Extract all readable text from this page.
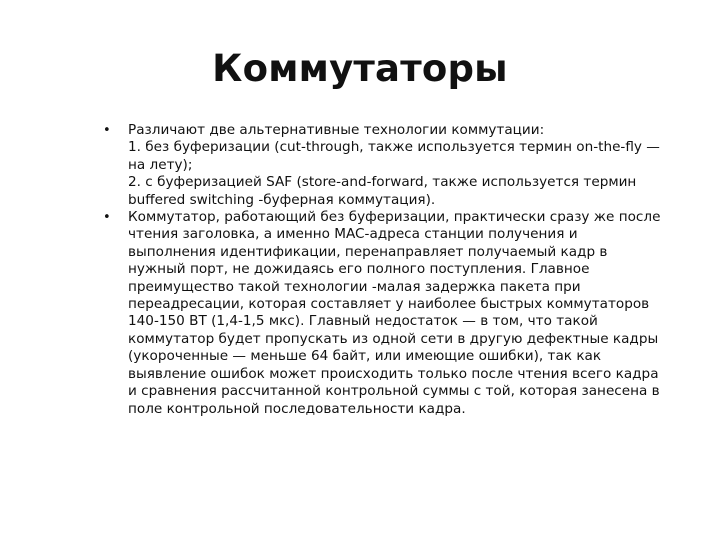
Коммутаторы
• Различают две альтернативные технологии коммутации:
1. без буферизации (cut-through, также используется термин on-the-fly —
на лету);
2. с буферизацией SAF (store-and-forward, также используется термин
buffered switching -буферная коммутация).
• Коммутатор, работающий без буферизации, практически сразу же после
чтения заголовка, а именно MAC-адреса станции получения и
выполнения идентификации, перенаправляет получаемый кадр в
нужный порт, не дожидаясь его полного поступления. Главное
преимущество такой технологии -малая задержка пакета при
переадресации, которая составляет у наиболее быстрых коммутаторов
140-150 ВТ (1,4-1,5 мкс). Главный недостаток — в том, что такой
коммутатор будет пропускать из одной сети в другую дефектные кадры
(укороченные — меньше 64 байт, или имеющие ошибки), так как
выявление ошибок может происходить только после чтения всего кадра
и сравнения рассчитанной контрольной суммы с той, которая занесена в
поле контрольной последовательности кадра.
